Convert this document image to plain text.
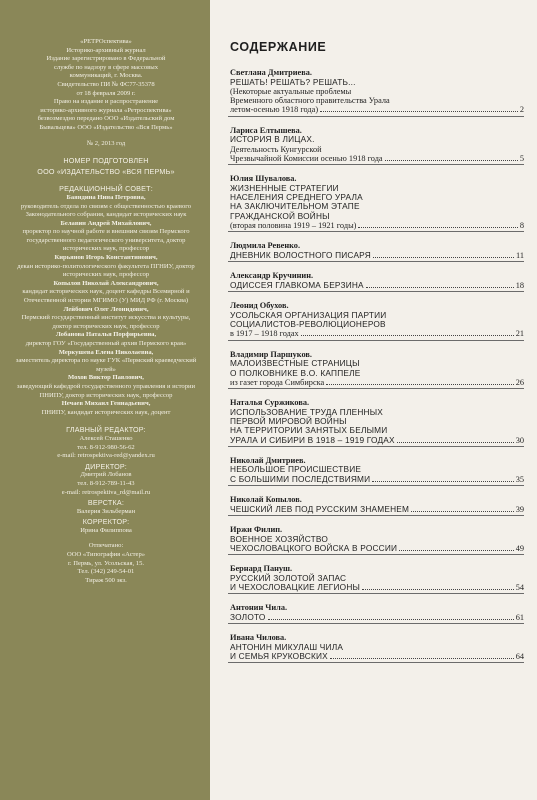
«РЕТРОспектива»

Историко-архивный журнал

Издание зарегистрировано в Федеральной

службе по надзору в сфере массовых

коммуникаций, г. Москва.

Свидетельство ПИ № ФС77-35378

от 18 февраля 2009 г.

Право на издание и распространение

историко-архивного журнала «Ретроспектива»

безвозмездно передано ООО «Издательский дом

Бывальцева» ООО «Издательство «Вся Пермь»

№ 2, 2013 год

НОМЕР ПОДГОТОВЛЕН

ООО «ИЗДАТЕЛЬСТВО «ВСЯ ПЕРМЬ»

РЕДАКЦИОННЫЙ СОВЕТ:

Баяндина Нина Петровна,

руководитель отдела по связям с общественностью краевого Законодательного собрания, кандидат исторических наук

Белавин Андрей Михайлович,

проректор по научной работе и внешним связям Пермского государственного педагогического университета, доктор исторических наук, профессор

Кирьянов Игорь Константинович,

декан историко-политологического факультета ПГНИУ, доктор исторических наук, профессор

Копылов Николай Александрович,

кандидат исторических наук, доцент кафедры Всемирной и Отечественной истории МГИМО (У) МИД РФ (г. Москва)

Лейбович Олег Леонидович,

Пермский государственный институт искусства и культуры, доктор исторических наук, профессор

Лобанова Наталья Порфирьевна,

директор ГОУ «Государственный архив Пермского края»

Меркушева Елена Николаевна,

заместитель директора по науке ГУК «Пермский краеведческий музей»

Мохов Виктор Павлович,

заведующий кафедрой государственного управления и истории ПНИПУ, доктор исторических наук, профессор

Нечаев Михаил Геннадьевич,

ПНИПУ, кандидат исторических наук, доцент

ГЛАВНЫЙ РЕДАКТОР:

Алексей Сташенко

тел. 8-912-980-56-62

e-mail: retrospektiva-red@yandex.ru

ДИРЕКТОР:

Дмитрий Лобанов

тел. 8-912-789-11-43

e-mail: retrospektiva_rd@mail.ru

ВЕРСТКА:

Валерия Зильберман

КОРРЕКТОР:

Ирина Филиппова

Отпечатано:

ООО «Типография «Астер»

г. Пермь, ул. Усольская, 15.

Тел. (342) 249-54-01

Тираж 500 экз.

СОДЕРЖАНИЕ
Светлана Дмитриева.
РЕШАТЬ! РЕШАТЬ? РЕШАТЬ...
(Некоторые актуальные проблемы
Временного областного правительства Урала
летом-осенью 1918 года)	2
Лариса Елтышева.
ИСТОРИЯ В ЛИЦАХ.
Деятельность Кунгурской
Чрезвычайной Комиссии осенью 1918 года	5
Юлия Шувалова.
ЖИЗНЕННЫЕ СТРАТЕГИИ
НАСЕЛЕНИЯ СРЕДНЕГО УРАЛА
НА ЗАКЛЮЧИТЕЛЬНОМ ЭТАПЕ
ГРАЖДАНСКОЙ ВОЙНЫ
(вторая половина 1919 – 1921 годы)	8
Людмила Ревенко.
ДНЕВНИК ВОЛОСТНОГО ПИСАРЯ	11
Александр Кручинин.
ОДИССЕЯ ГЛАВКОМА БЕРЗИНА	18
Леонид Обухов.
УСОЛЬСКАЯ ОРГАНИЗАЦИЯ ПАРТИИ
СОЦИАЛИСТОВ-РЕВОЛЮЦИОНЕРОВ
в 1917 – 1918 годах	21
Владимир Паршуков.
МАЛОИЗВЕСТНЫЕ СТРАНИЦЫ
О ПОЛКОВНИКЕ В.О. КАППЕЛЕ
из газет города Симбирска	26
Наталья Суржикова.
ИСПОЛЬЗОВАНИЕ ТРУДА ПЛЕННЫХ
ПЕРВОЙ МИРОВОЙ ВОЙНЫ
НА ТЕРРИТОРИИ ЗАНЯТЫХ БЕЛЫМИ
УРАЛА И СИБИРИ В 1918 – 1919 ГОДАХ	30
Николай Дмитриев.
НЕБОЛЬШОЕ ПРОИСШЕСТВИЕ
С БОЛЬШИМИ ПОСЛЕДСТВИЯМИ	35
Николай Копылов.
ЧЕШСКИЙ ЛЕВ ПОД РУССКИМ ЗНАМЕНЕМ	39
Иржи Филип.
ВОЕННОЕ ХОЗЯЙСТВО
ЧЕХОСЛОВАЦКОГО ВОЙСКА В РОССИИ	49
Бернард Пануш.
РУССКИЙ ЗОЛОТОЙ ЗАПАС
И ЧЕХОСЛОВАЦКИЕ ЛЕГИОНЫ	54
Антонин Чила.
ЗОЛОТО	61
Ивана Чилова.
АНТОНИН МИКУЛАШ ЧИЛА
И СЕМЬЯ КРУКОВСКИХ	64
